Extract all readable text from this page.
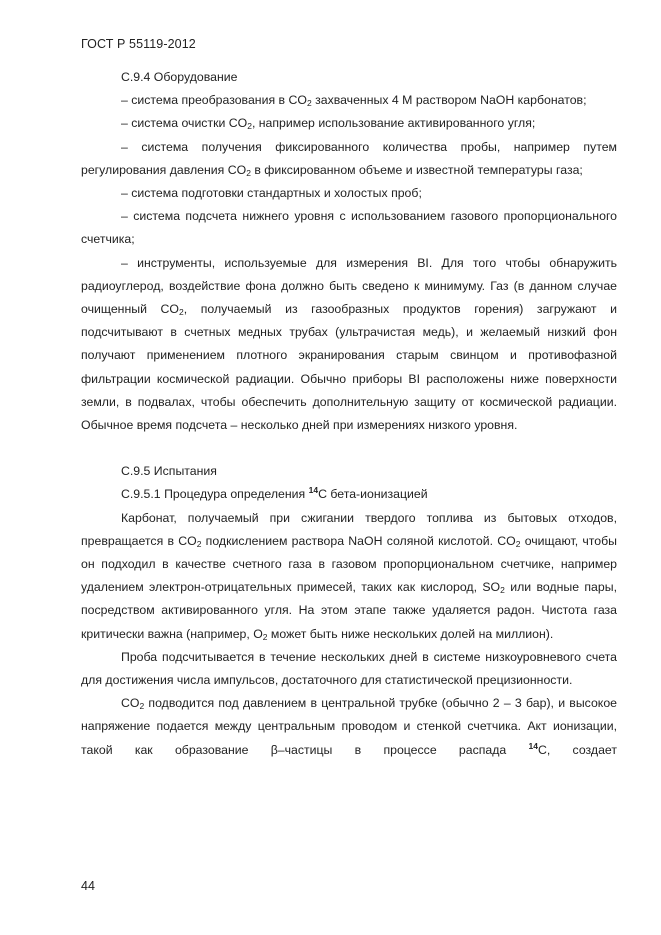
ГОСТ Р 55119-2012

С.9.4 Оборудование

– система преобразования в $CO_2$ захваченных 4 М раствором NaOH карбонатов;

– система очистки $CO_2$, например использование активированного угля;

– система получения фиксированного количества пробы, например путем регулирования давления $CO_2$ в фиксированном объеме и известной температуры газа;

– система подготовки стандартных и холостых проб;

– система подсчета нижнего уровня с использованием газового пропорционального счетчика;

– инструменты, используемые для измерения BI. Для того чтобы обнаружить радиоуглерод, воздействие фона должно быть сведено к минимуму. Газ (в данном случае очищенный $CO_2$, получаемый из газообразных продуктов горения) загружают и подсчитывают в счетных медных трубах (ультрачистая медь), и желаемый низкий фон получают применением плотного экранирования старым свинцом и противофазной фильтрации космической радиации. Обычно приборы BI расположены ниже поверхности земли, в подвалах, чтобы обеспечить дополнительную защиту от космической радиации. Обычное время подсчета – несколько дней при измерениях низкого уровня.

С.9.5 Испытания

С.9.5.1 Процедура определения $^{14}$C бета-ионизацией

Карбонат, получаемый при сжигании твердого топлива из бытовых отходов, превращается в $CO_2$ подкислением раствора NaOH соляной кислотой. $CO_2$ очищают, чтобы он подходил в качестве счетного газа в газовом пропорциональном счетчике, например удалением электрон-отрицательных примесей, таких как кислород, $SO_2$ или водные пары, посредством активированного угля. На этом этапе также удаляется радон. Чистота газа критически важна (например, $O_2$ может быть ниже нескольких долей на миллион).

Проба подсчитывается в течение нескольких дней в системе низкоуровневого счета для достижения числа импульсов, достаточного для статистической прецизионности.

$CO_2$ подводится под давлением в центральной трубке (обычно 2 – 3 бар), и высокое напряжение подается между центральным проводом и стенкой счетчика. Акт ионизации, такой как образование β–частицы в процессе распада $^{14}$C, создает

44
